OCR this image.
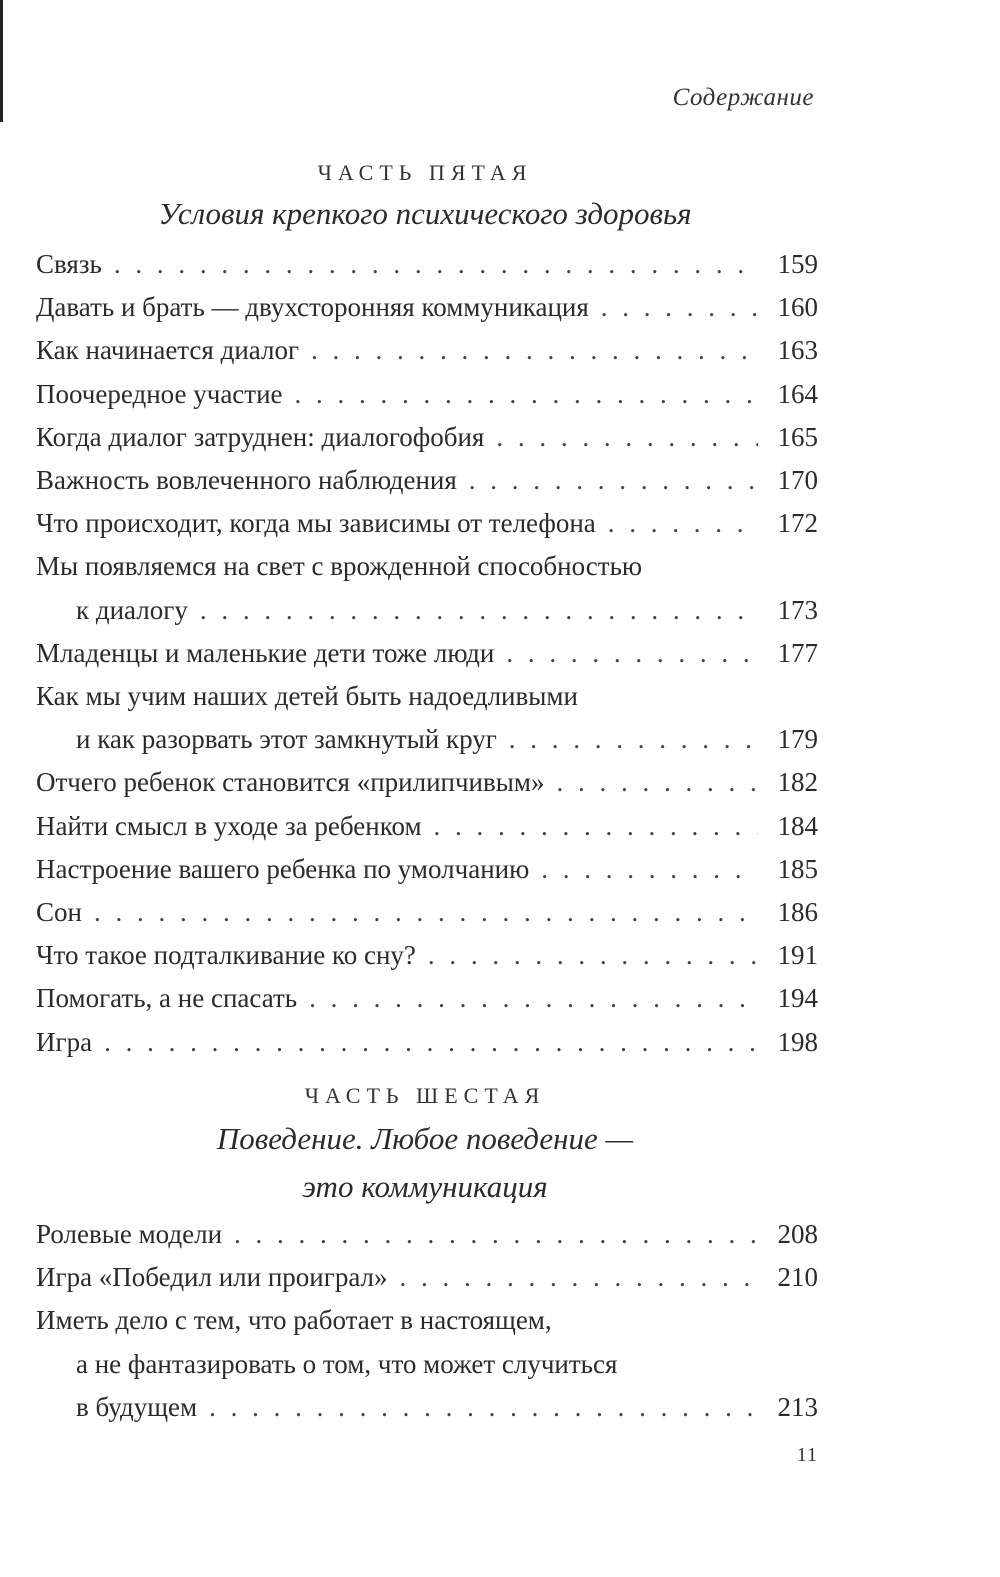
Содержание
ЧАСТЬ ПЯТАЯ
Условия крепкого психического здоровья
Связь . . .	159
Давать и брать — двухсторонняя коммуникация . . .	160
Как начинается диалог . . .	163
Поочередное участие . . .	164
Когда диалог затруднен: диалогофобия . . .	165
Важность вовлеченного наблюдения . . .	170
Что происходит, когда мы зависимы от телефона . . .	172
Мы появляемся на свет с врожденной способностью
к диалогу . . .	173
Младенцы и маленькие дети тоже люди . . .	177
Как мы учим наших детей быть надоедливыми
и как разорвать этот замкнутый круг . . .	179
Отчего ребенок становится «прилипчивым» . . .	182
Найти смысл в уходе за ребенком . . .	184
Настроение вашего ребенка по умолчанию . . .	185
Сон . . .	186
Что такое подталкивание ко сну? . . .	191
Помогать, а не спасать . . .	194
Игра . . .	198
ЧАСТЬ ШЕСТАЯ
Поведение. Любое поведение —
это коммуникация
Ролевые модели . . .	208
Игра «Победил или проиграл» . . .	210
Иметь дело с тем, что работает в настоящем,
а не фантазировать о том, что может случиться
в будущем . . .	213
11
